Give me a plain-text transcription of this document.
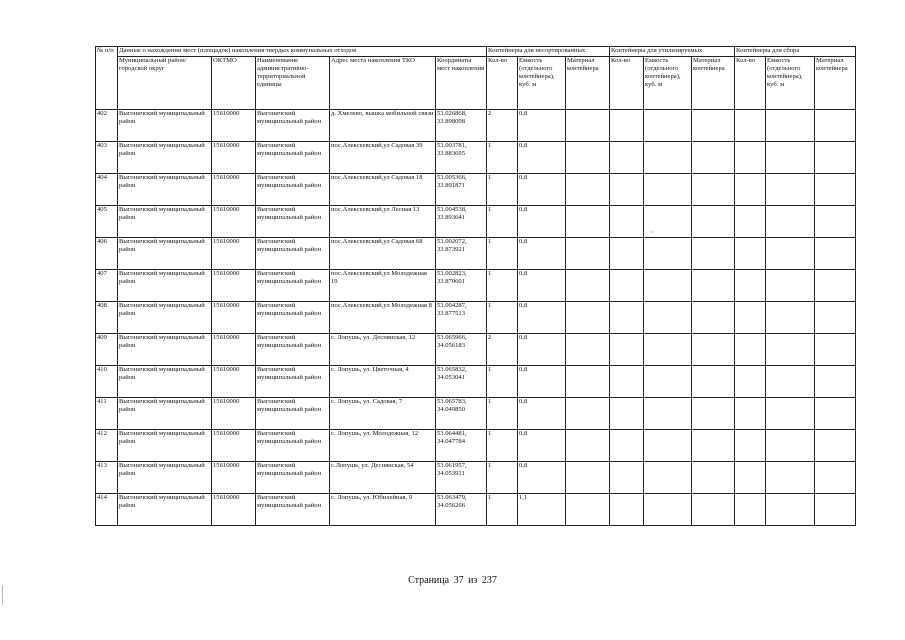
№ п/п	Данные о нахождении мест (площадок) накопления твердых коммунальных отходов					Контейнеры для несортированных			Контейнеры для утилизируемых			Контейнеры для сбора		
	Муниципальный район/городской округ	ОКТМО	Наименование административно-территориальной единицы	Адрес места накопления ТКО	Координаты мест накопления	Кол-во	Емкость (отдельного контейнера), куб. м	Материал контейнера	Кол-во	Емкость (отдельного контейнера), куб. м	Материал контейнера	Кол-во	Емкость (отдельного контейнера), куб. м	Материал контейнера
402	Выгоничский муниципальный район	15610000	Выгоничский муниципальный район	д. Хмелево, вышка мобильной связи	53.026868, 33.898098	2	0,8							
403	Выгоничский муниципальный район	15610000	Выгоничский муниципальный район	пос.Алексеевский,ул Садовая 39	53.003781, 33.883695	1	0,8							
404	Выгоничский муниципальный район	15610000	Выгоничский муниципальный район	пос.Алексеевский,ул Садовая 18	53.005366, 33.891871	1	0,8							
405	Выгоничский муниципальный район	15610000	Выгоничский муниципальный район	пос.Алексеевский,ул Лесная 13	53.004538, 33.893641	1	0,8							
406	Выгоничский муниципальный район	15610000	Выгоничский муниципальный район	пос.Алексеевский,ул Садовая 68	53.002072, 33.873921	1	0,8							
407	Выгоничский муниципальный район	15610000	Выгоничский муниципальный район	пос.Алексеевский,ул Молодежная 19	53.002823, 33.870601	1	0,8							
408	Выгоничский муниципальный район	15610000	Выгоничский муниципальный район	пос.Алексеевский,ул Молодежная 8	53.004287, 33.877513	1	0,8							
409	Выгоничский муниципальный район	15610000	Выгоничский муниципальный район	с. Лопушь, ул. Деснянская, 12	53.065966, 34.056183	2	0,8							
410	Выгоничский муниципальный район	15610000	Выгоничский муниципальный район	с. Лопушь, ул. Цветочная, 4	53.065832, 34.053041	1	0,8							
411	Выгоничский муниципальный район	15610000	Выгоничский муниципальный район	с. Лопушь, ул. Садовая, 7	53.065783, 34.049850	1	0,8							
412	Выгоничский муниципальный район	15610000	Выгоничский муниципальный район	с. Лопушь, ул. Молодежная, 12	53.064481, 34.047784	1	0,8							
413	Выгоничский муниципальный район	15610000	Выгоничский муниципальный район	с.Лопушь, ул. Деснянская, 54	53.061957, 34.053911	1	0,8							
414	Выгоничский муниципальный район	15610000	Выгоничский муниципальный район	с. Лопушь, ул. Юбилейная, 9	53.063479, 34.056266	1	1,1							
Страница 37 из 237
